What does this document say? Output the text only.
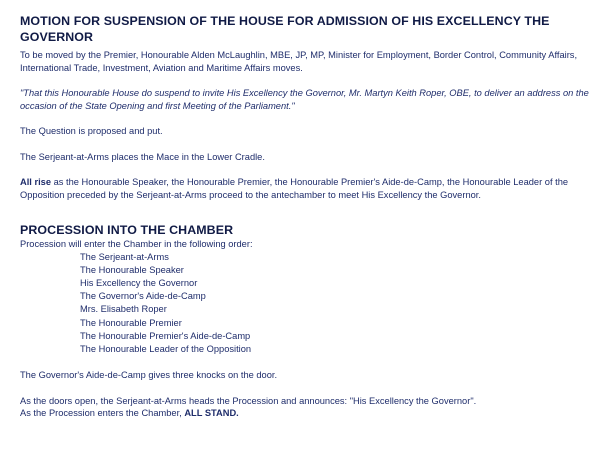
MOTION FOR SUSPENSION OF THE HOUSE FOR ADMISSION OF HIS EXCELLENCY THE GOVERNOR

To be moved by the Premier, Honourable Alden McLaughlin, MBE, JP, MP, Minister for Employment, Border Control, Community Affairs, International Trade, Investment, Aviation and Maritime Affairs moves.

"That this Honourable House do suspend to invite His Excellency the Governor, Mr. Martyn Keith Roper, OBE, to deliver an address on the occasion of the State Opening and first Meeting of the Parliament."

The Question is proposed and put.

The Serjeant-at-Arms places the Mace in the Lower Cradle.

All rise as the Honourable Speaker, the Honourable Premier, the Honourable Premier's Aide-de-Camp, the Honourable Leader of the Opposition preceded by the Serjeant-at-Arms proceed to the antechamber to meet His Excellency the Governor.

PROCESSION INTO THE CHAMBER

Procession will enter the Chamber in the following order:

The Serjeant-at-Arms
The Honourable Speaker
His Excellency the Governor
The Governor's Aide-de-Camp
Mrs. Elisabeth Roper
The Honourable Premier
The Honourable Premier's Aide-de-Camp
The Honourable Leader of the Opposition

The Governor's Aide-de-Camp gives three knocks on the door.

As the doors open, the Serjeant-at-Arms heads the Procession and announces: "His Excellency the Governor".

As the Procession enters the Chamber, ALL STAND.
